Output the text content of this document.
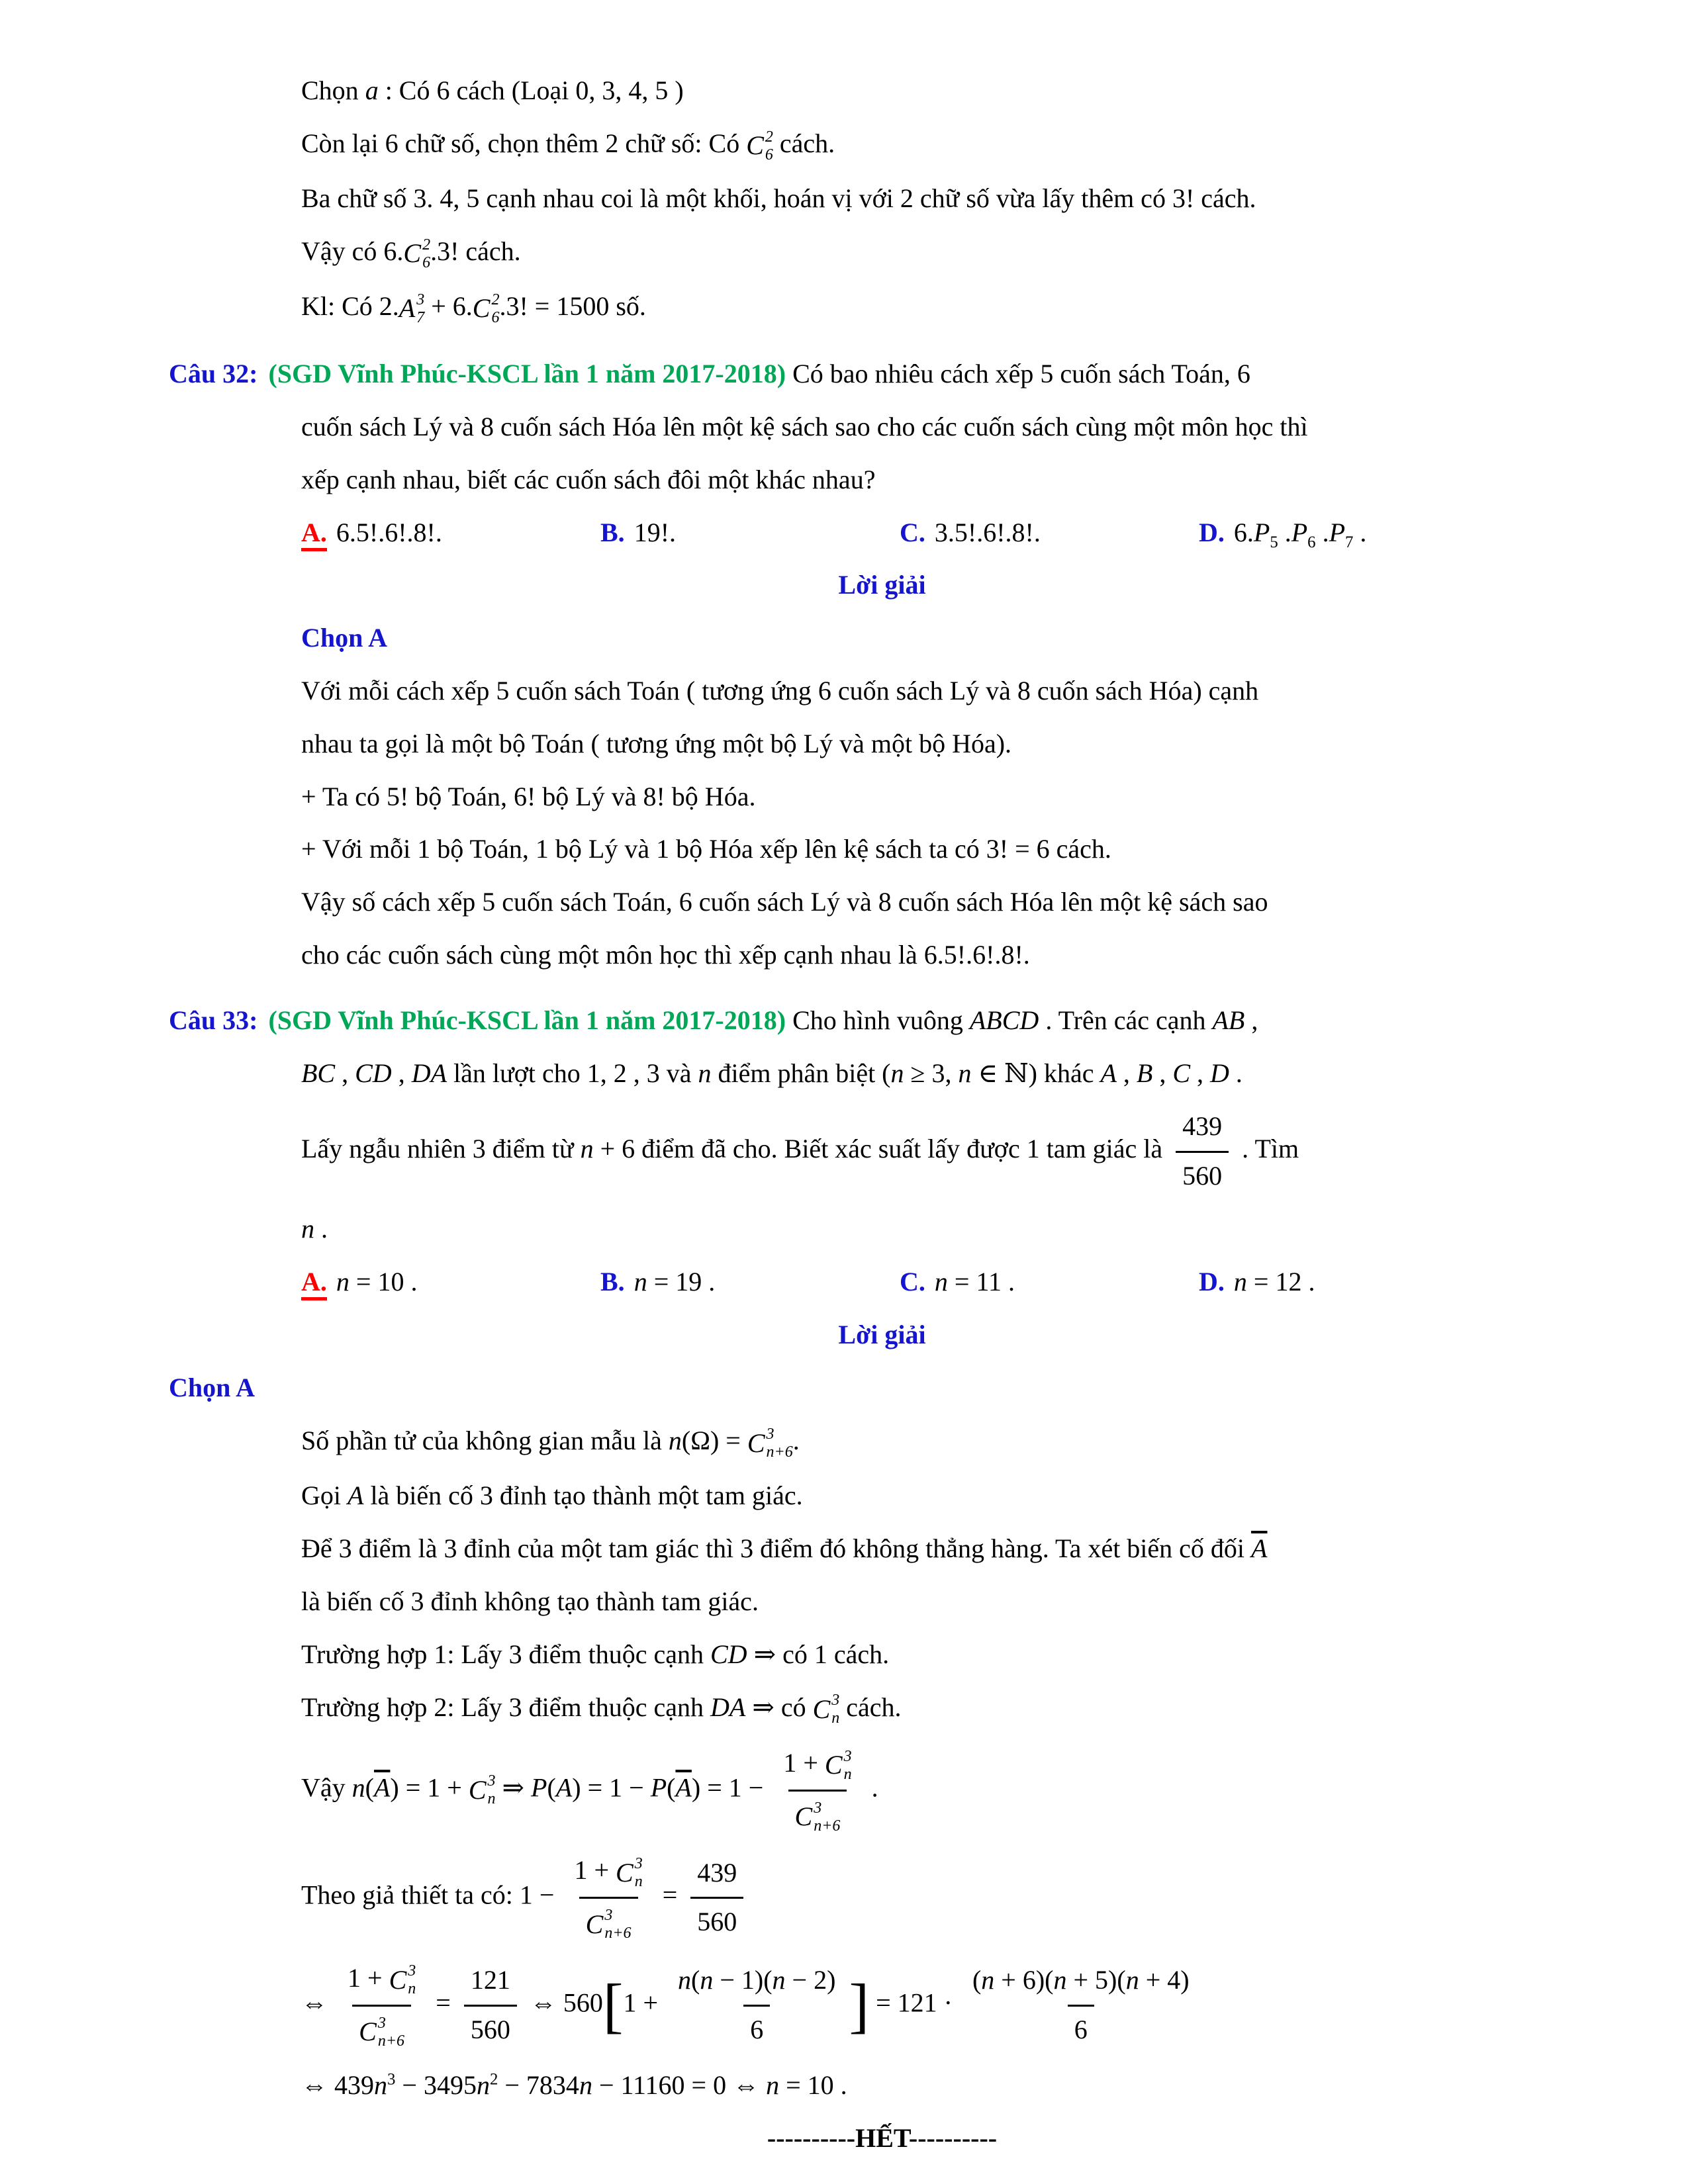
Chọn a : Có 6 cách (Loại 0, 3, 4, 5 )
Còn lại 6 chữ số, chọn thêm 2 chữ số: Có C 2
6 cách.
Ba chữ số 3. 4, 5 cạnh nhau coi là một khối, hoán vị với 2 chữ số vừa lấy thêm có 3! cách.
Vậy có 6. C 2
6 .3! cách.
Kl: Có 2. A 3
7 + 6. C 2
6 .3! = 1500 số.
Câu 32: (SGD Vĩnh Phúc-KSCL lần 1 năm 2017-2018) Có bao nhiêu cách xếp 5 cuốn sách Toán, 6
cuốn sách Lý và 8 cuốn sách Hóa lên một kệ sách sao cho các cuốn sách cùng một môn học thì
xếp cạnh nhau, biết các cuốn sách đôi một khác nhau?
A. 6.5!.6!.8!.	B. 19!.	C. 3.5!.6!.8!.	D. $6.P_5$ $.P_6$ $.P_7$ .
Lời giải
Chọn A
Với mỗi cách xếp 5 cuốn sách Toán ( tương ứng 6 cuốn sách Lý và 8 cuốn sách Hóa) cạnh
nhau ta gọi là một bộ Toán ( tương ứng một bộ Lý và một bộ Hóa).
+ Ta có 5! bộ Toán, 6! bộ Lý và 8! bộ Hóa.
+ Với mỗi 1 bộ Toán, 1 bộ Lý và 1 bộ Hóa xếp lên kệ sách ta có 3! = 6 cách.
Vậy số cách xếp 5 cuốn sách Toán, 6 cuốn sách Lý và 8 cuốn sách Hóa lên một kệ sách sao
cho các cuốn sách cùng một môn học thì xếp cạnh nhau là 6.5!.6!.8!.
Câu 33: (SGD Vĩnh Phúc-KSCL lần 1 năm 2017-2018) Cho hình vuông ABCD . Trên các cạnh AB ,
BC , CD , DA lần lượt cho 1, 2 , 3 và n điểm phân biệt (n ≥ 3, n ∈ ℕ) khác A , B , C , D .
Lấy ngẫu nhiên 3 điểm từ n + 6 điểm đã cho. Biết xác suất lấy được 1 tam giác là $\frac{439}{560}$ . Tìm
n .
A. n = 10 .	B. n = 19 .	C. n = 11 .	D. n = 12 .
Lời giải
Chọn A
Số phần tử của không gian mẫu là n(Ω) = C 3
n+6 .
Gọi A là biến cố 3 đỉnh tạo thành một tam giác.
Để 3 điểm là 3 đỉnh của một tam giác thì 3 điểm đó không thẳng hàng. Ta xét biến cố đối $\overline{A}$
là biến cố 3 đỉnh không tạo thành tam giác.
Trường hợp 1: Lấy 3 điểm thuộc cạnh CD ⇒ có 1 cách.
Trường hợp 2: Lấy 3 điểm thuộc cạnh DA ⇒ có C 3
n cách.
Vậy $n(\overline{A}) = 1 + C$ 3
n ⇒ $P(A) = 1 - P(\overline{A}) = 1 - 1 + C$ 3
n
C 3
n+6 .
Theo giả thiết ta có: 1 − 1 + C 3
n
C 3
$n+6 = \frac{439}{560}$
⇔ 1 + C 3
n
C 3
$n+6 = \frac{121}{560}$ ⇔ $560[1 + \frac{n(n - 1)(n - 2)}{6}$ ] = $121 \cdot \frac{(n + 6)(n + 5)(n + 4)}{6}$
⇔ $439n^3 - 3495n^2 - 7834n - 11160 = 0$ ⇔ n = 10 .
----------HẾT----------
